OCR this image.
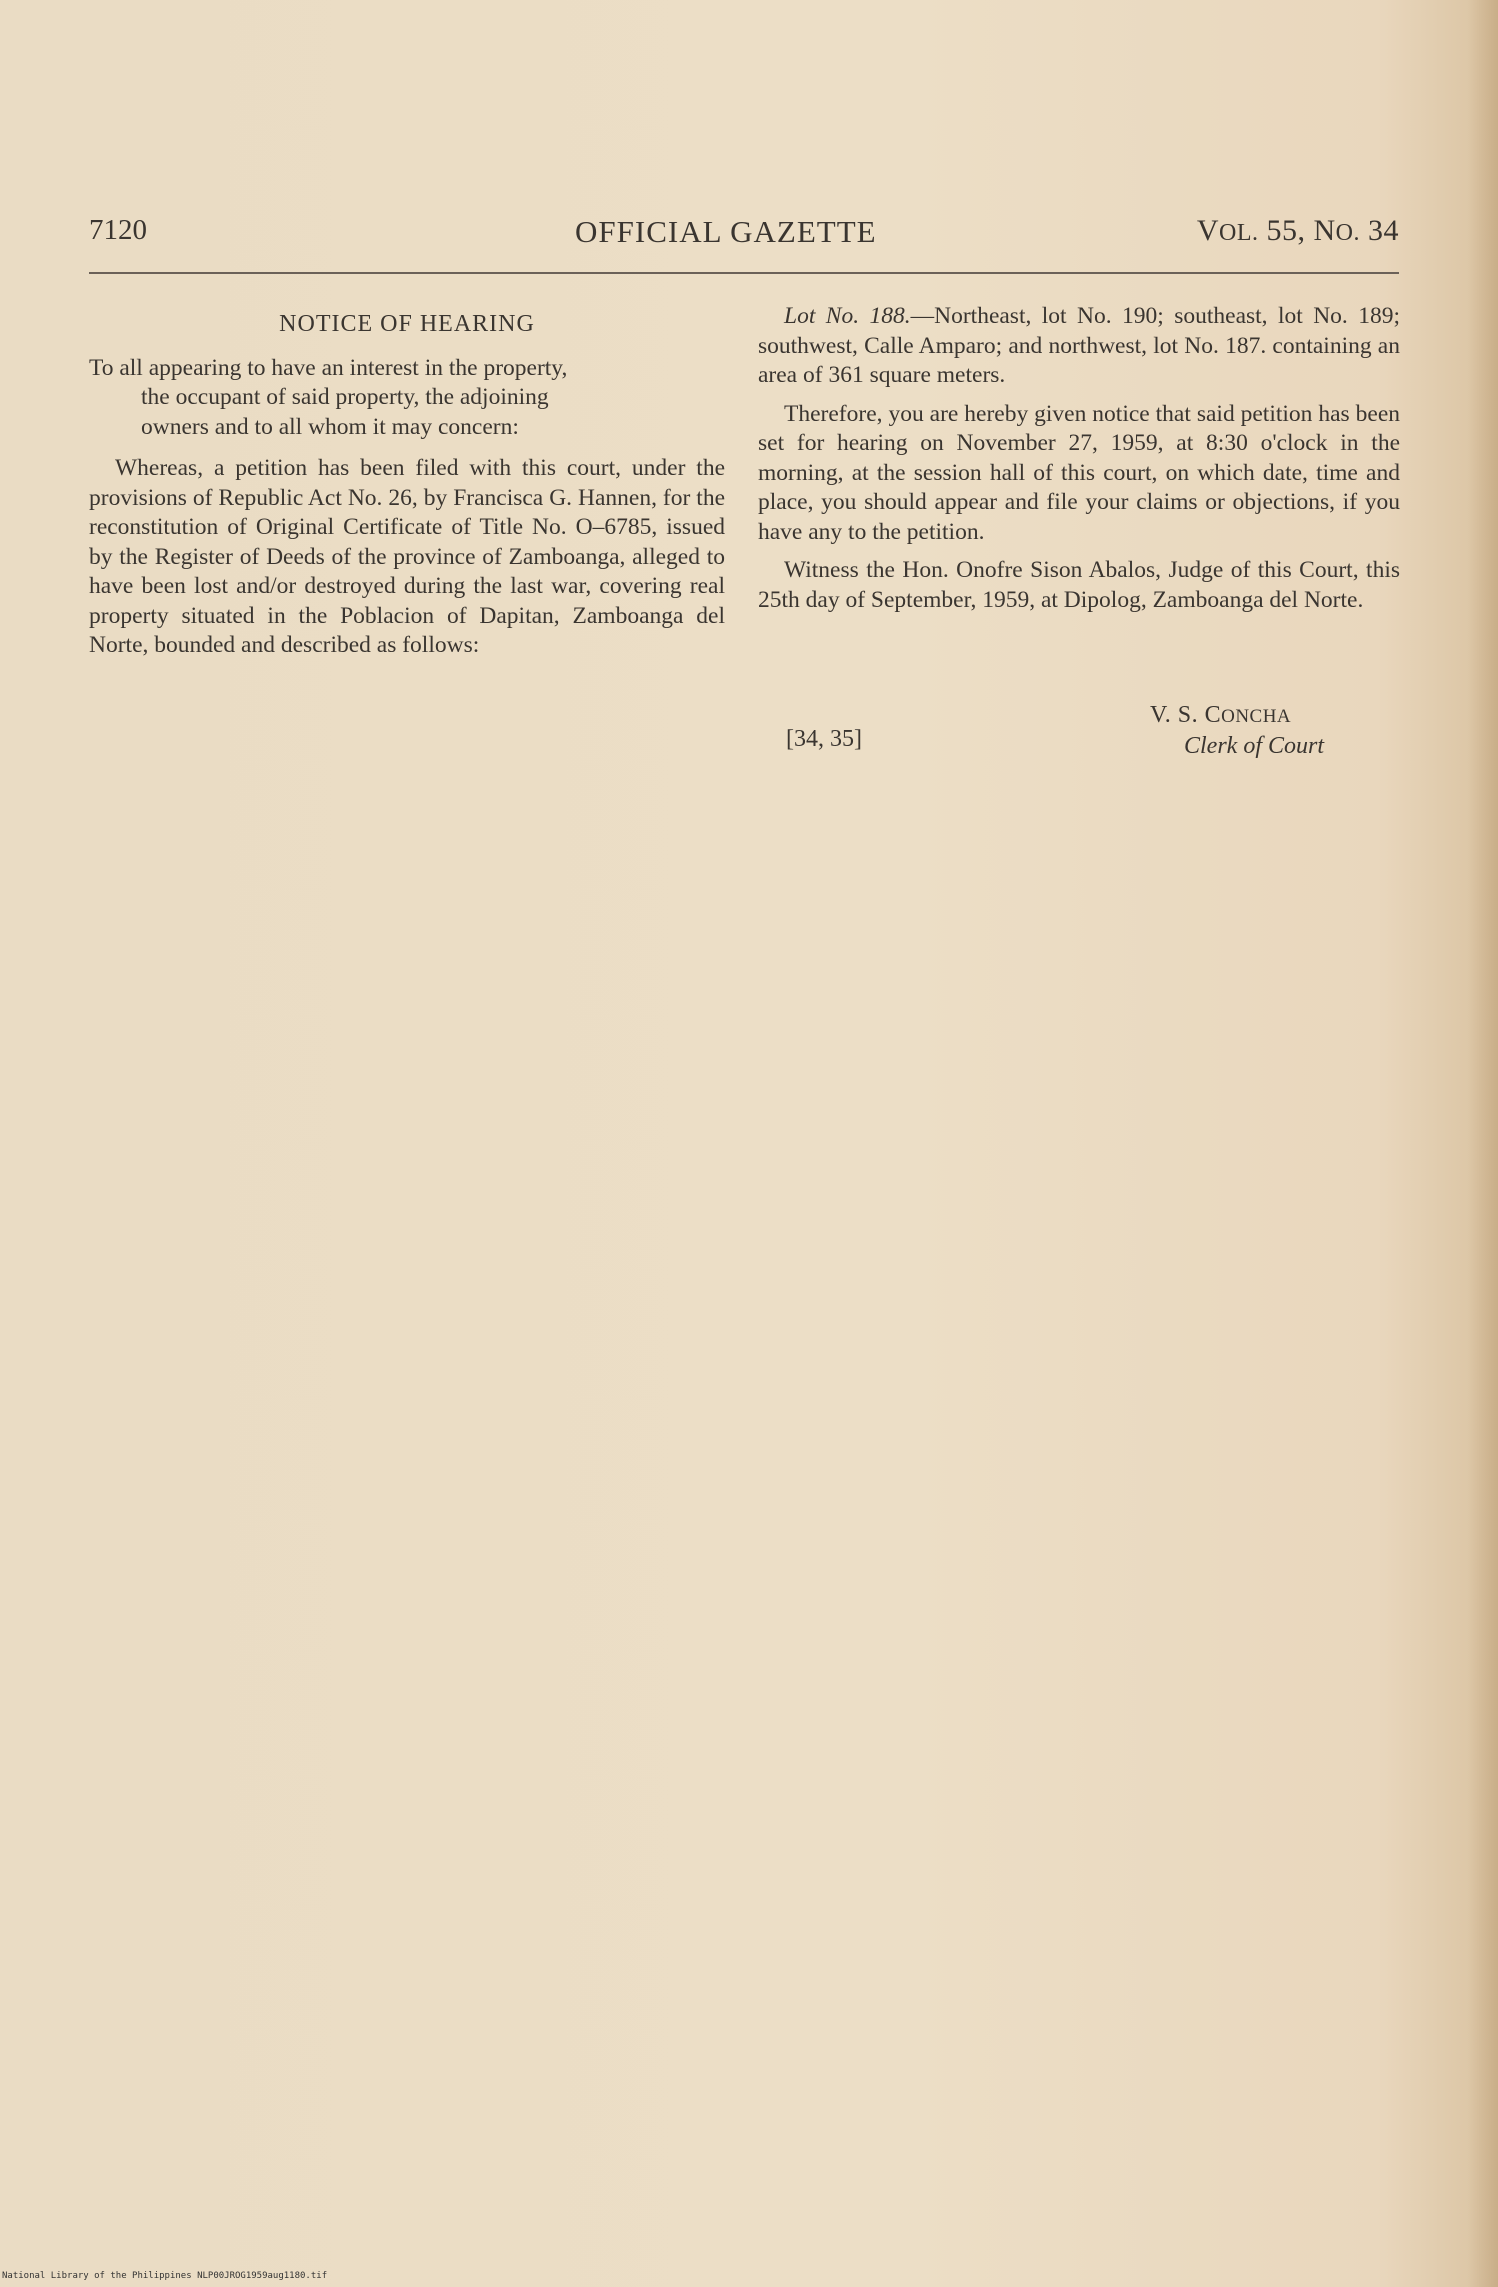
7120	OFFICIAL GAZETTE	VOL. 55, NO. 34

NOTICE OF HEARING

To all appearing to have an interest in the property,
the occupant of said property, the adjoining
owners and to all whom it may concern:

Whereas, a petition has been filed with this court, under the provisions of Republic Act No. 26, by Francisca G. Hannen, for the reconstitution of Original Certificate of Title No. O–6785, issued by the Register of Deeds of the province of Zamboanga, alleged to have been lost and/or destroyed during the last war, covering real property situated in the Poblacion of Dapitan, Zamboanga del Norte, bounded and described as follows:

Lot No. 188.—Northeast, lot No. 190; southeast, lot No. 189; southwest, Calle Amparo; and northwest, lot No. 187. containing an area of 361 square meters.

Therefore, you are hereby given notice that said petition has been set for hearing on November 27, 1959, at 8:30 o'clock in the morning, at the session hall of this court, on which date, time and place, you should appear and file your claims or objections, if you have any to the petition.

Witness the Hon. Onofre Sison Abalos, Judge of this Court, this 25th day of September, 1959, at Dipolog, Zamboanga del Norte.

V. S. CONCHA
Clerk of Court
[34, 35]
National Library of the Philippines NLP00JROG1959aug1180.tif
